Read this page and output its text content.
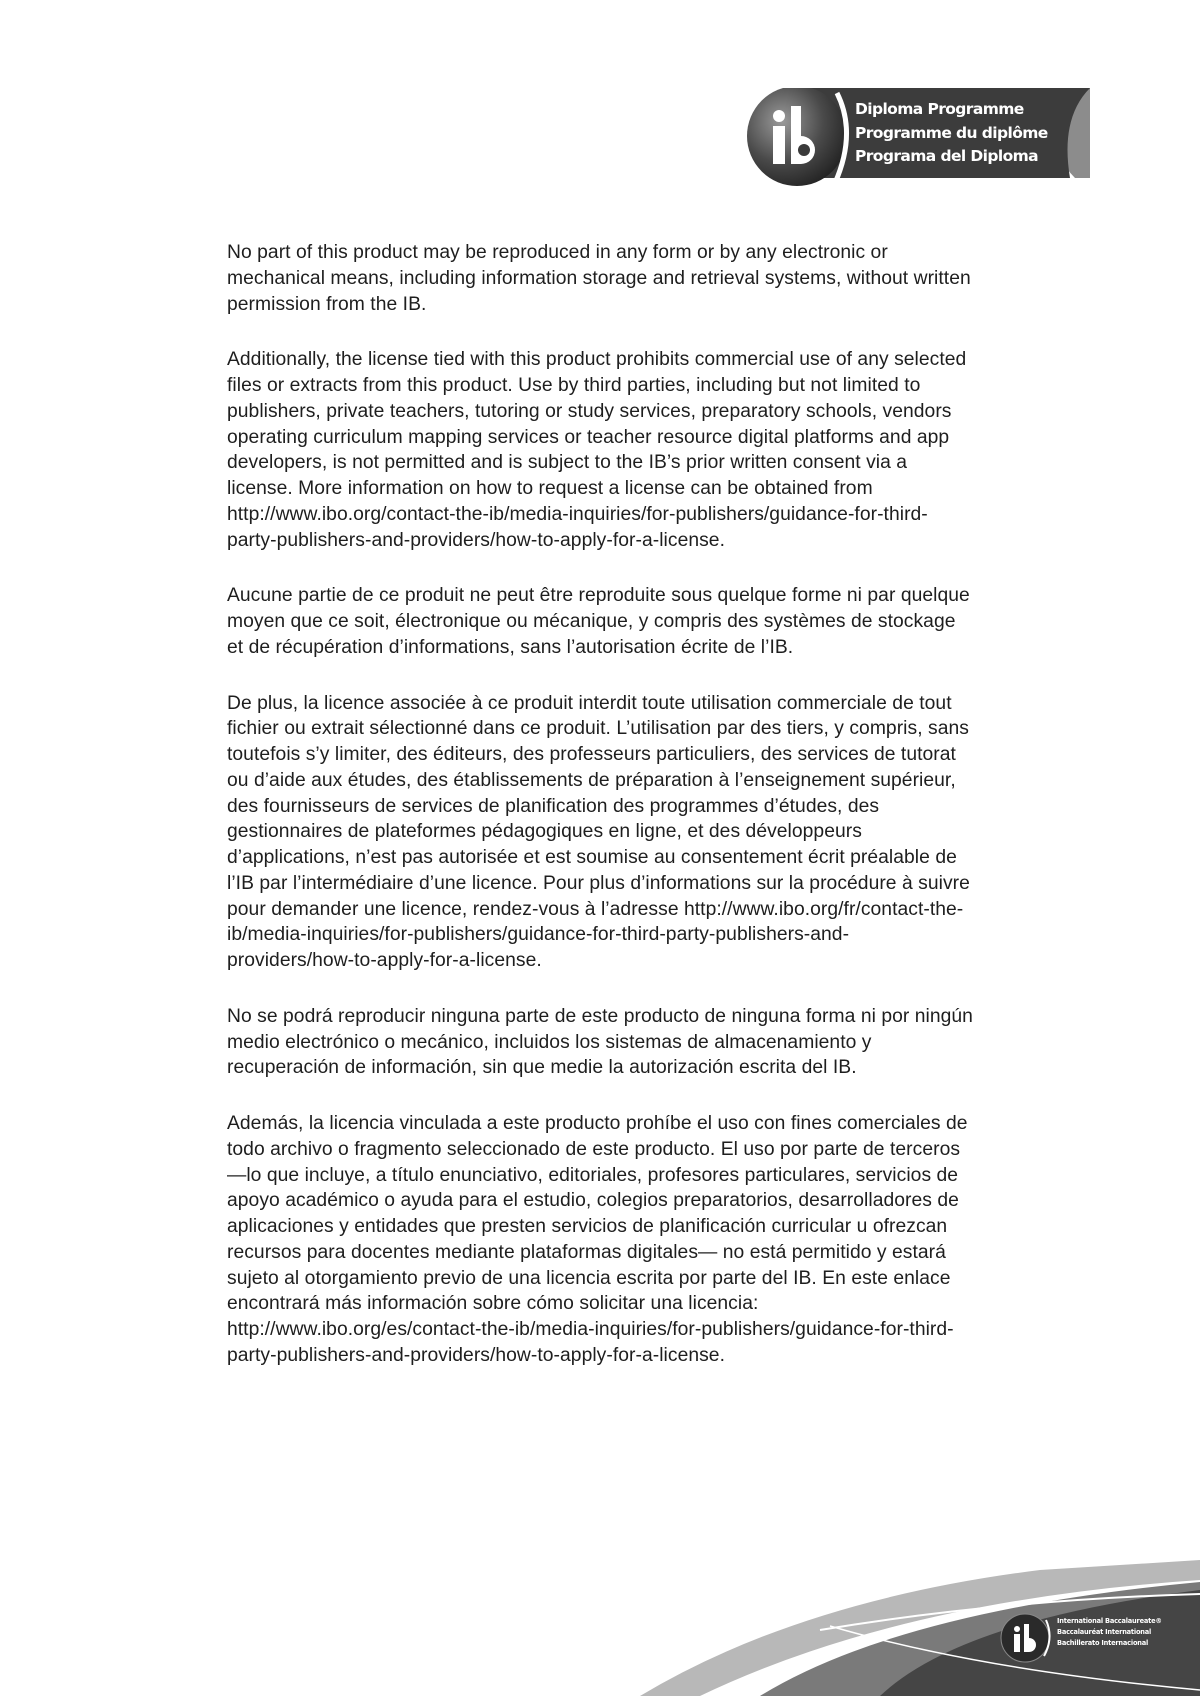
Diploma Programme
Programme du diplôme
Programa del Diploma

No part of this product may be reproduced in any form or by any electronic or mechanical means, including information storage and retrieval systems, without written permission from the IB.

Additionally, the license tied with this product prohibits commercial use of any selected files or extracts from this product. Use by third parties, including but not limited to publishers, private teachers, tutoring or study services, preparatory schools, vendors operating curriculum mapping services or teacher resource digital platforms and app developers, is not permitted and is subject to the IB’s prior written consent via a license. More information on how to request a license can be obtained from http://www.ibo.org/contact-the-ib/media-inquiries/for-publishers/guidance-for-third-party-publishers-and-providers/how-to-apply-for-a-license.

Aucune partie de ce produit ne peut être reproduite sous quelque forme ni par quelque moyen que ce soit, électronique ou mécanique, y compris des systèmes de stockage et de récupération d’informations, sans l’autorisation écrite de l’IB.

De plus, la licence associée à ce produit interdit toute utilisation commerciale de tout fichier ou extrait sélectionné dans ce produit. L’utilisation par des tiers, y compris, sans toutefois s’y limiter, des éditeurs, des professeurs particuliers, des services de tutorat ou d’aide aux études, des établissements de préparation à l’enseignement supérieur, des fournisseurs de services de planification des programmes d’études, des gestionnaires de plateformes pédagogiques en ligne, et des développeurs d’applications, n’est pas autorisée et est soumise au consentement écrit préalable de l’IB par l’intermédiaire d’une licence. Pour plus d’informations sur la procédure à suivre pour demander une licence, rendez-vous à l’adresse http://www.ibo.org/fr/contact-the-ib/media-inquiries/for-publishers/guidance-for-third-party-publishers-and-providers/how-to-apply-for-a-license.

No se podrá reproducir ninguna parte de este producto de ninguna forma ni por ningún medio electrónico o mecánico, incluidos los sistemas de almacenamiento y recuperación de información, sin que medie la autorización escrita del IB.

Además, la licencia vinculada a este producto prohíbe el uso con fines comerciales de todo archivo o fragmento seleccionado de este producto. El uso por parte de terceros —lo que incluye, a título enunciativo, editoriales, profesores particulares, servicios de apoyo académico o ayuda para el estudio, colegios preparatorios, desarrolladores de aplicaciones y entidades que presten servicios de planificación curricular u ofrezcan recursos para docentes mediante plataformas digitales— no está permitido y estará sujeto al otorgamiento previo de una licencia escrita por parte del IB. En este enlace encontrará más información sobre cómo solicitar una licencia: http://www.ibo.org/es/contact-the-ib/media-inquiries/for-publishers/guidance-for-third-party-publishers-and-providers/how-to-apply-for-a-license.

International Baccalaureate®
Baccalauréat International
Bachillerato Internacional
